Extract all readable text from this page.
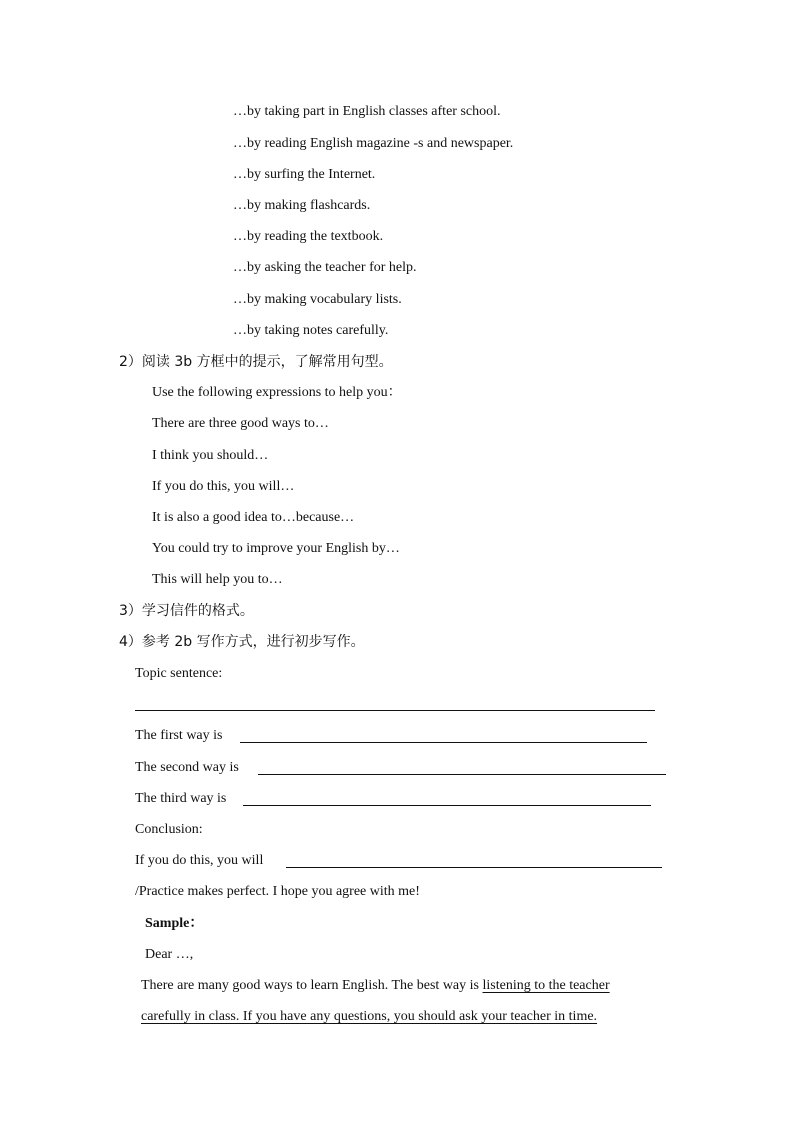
…by taking part in English classes after school.
…by reading English magazine -s and newspaper.
…by surfing the Internet.
…by making flashcards.
…by reading the textbook.
…by asking the teacher for help.
…by making vocabulary lists.
…by taking notes carefully.
2）阅读 3b 方框中的提示，了解常用句型。
Use the following expressions to help you：
There are three good ways to…
I think you should…
If you do this, you will…
It is also a good idea to…because…
You could try to improve your English by…
This will help you to…
3）学习信件的格式。
4）参考 2b 写作方式，进行初步写作。
Topic sentence:
The first way is
The second way is
The third way is
Conclusion:
If you do this, you will
/Practice makes perfect. I hope you agree with me!
Sample：
Dear …,
There are many good ways to learn English. The best way is listening to the teacher
carefully in class. If you have any questions, you should ask your teacher in time.
